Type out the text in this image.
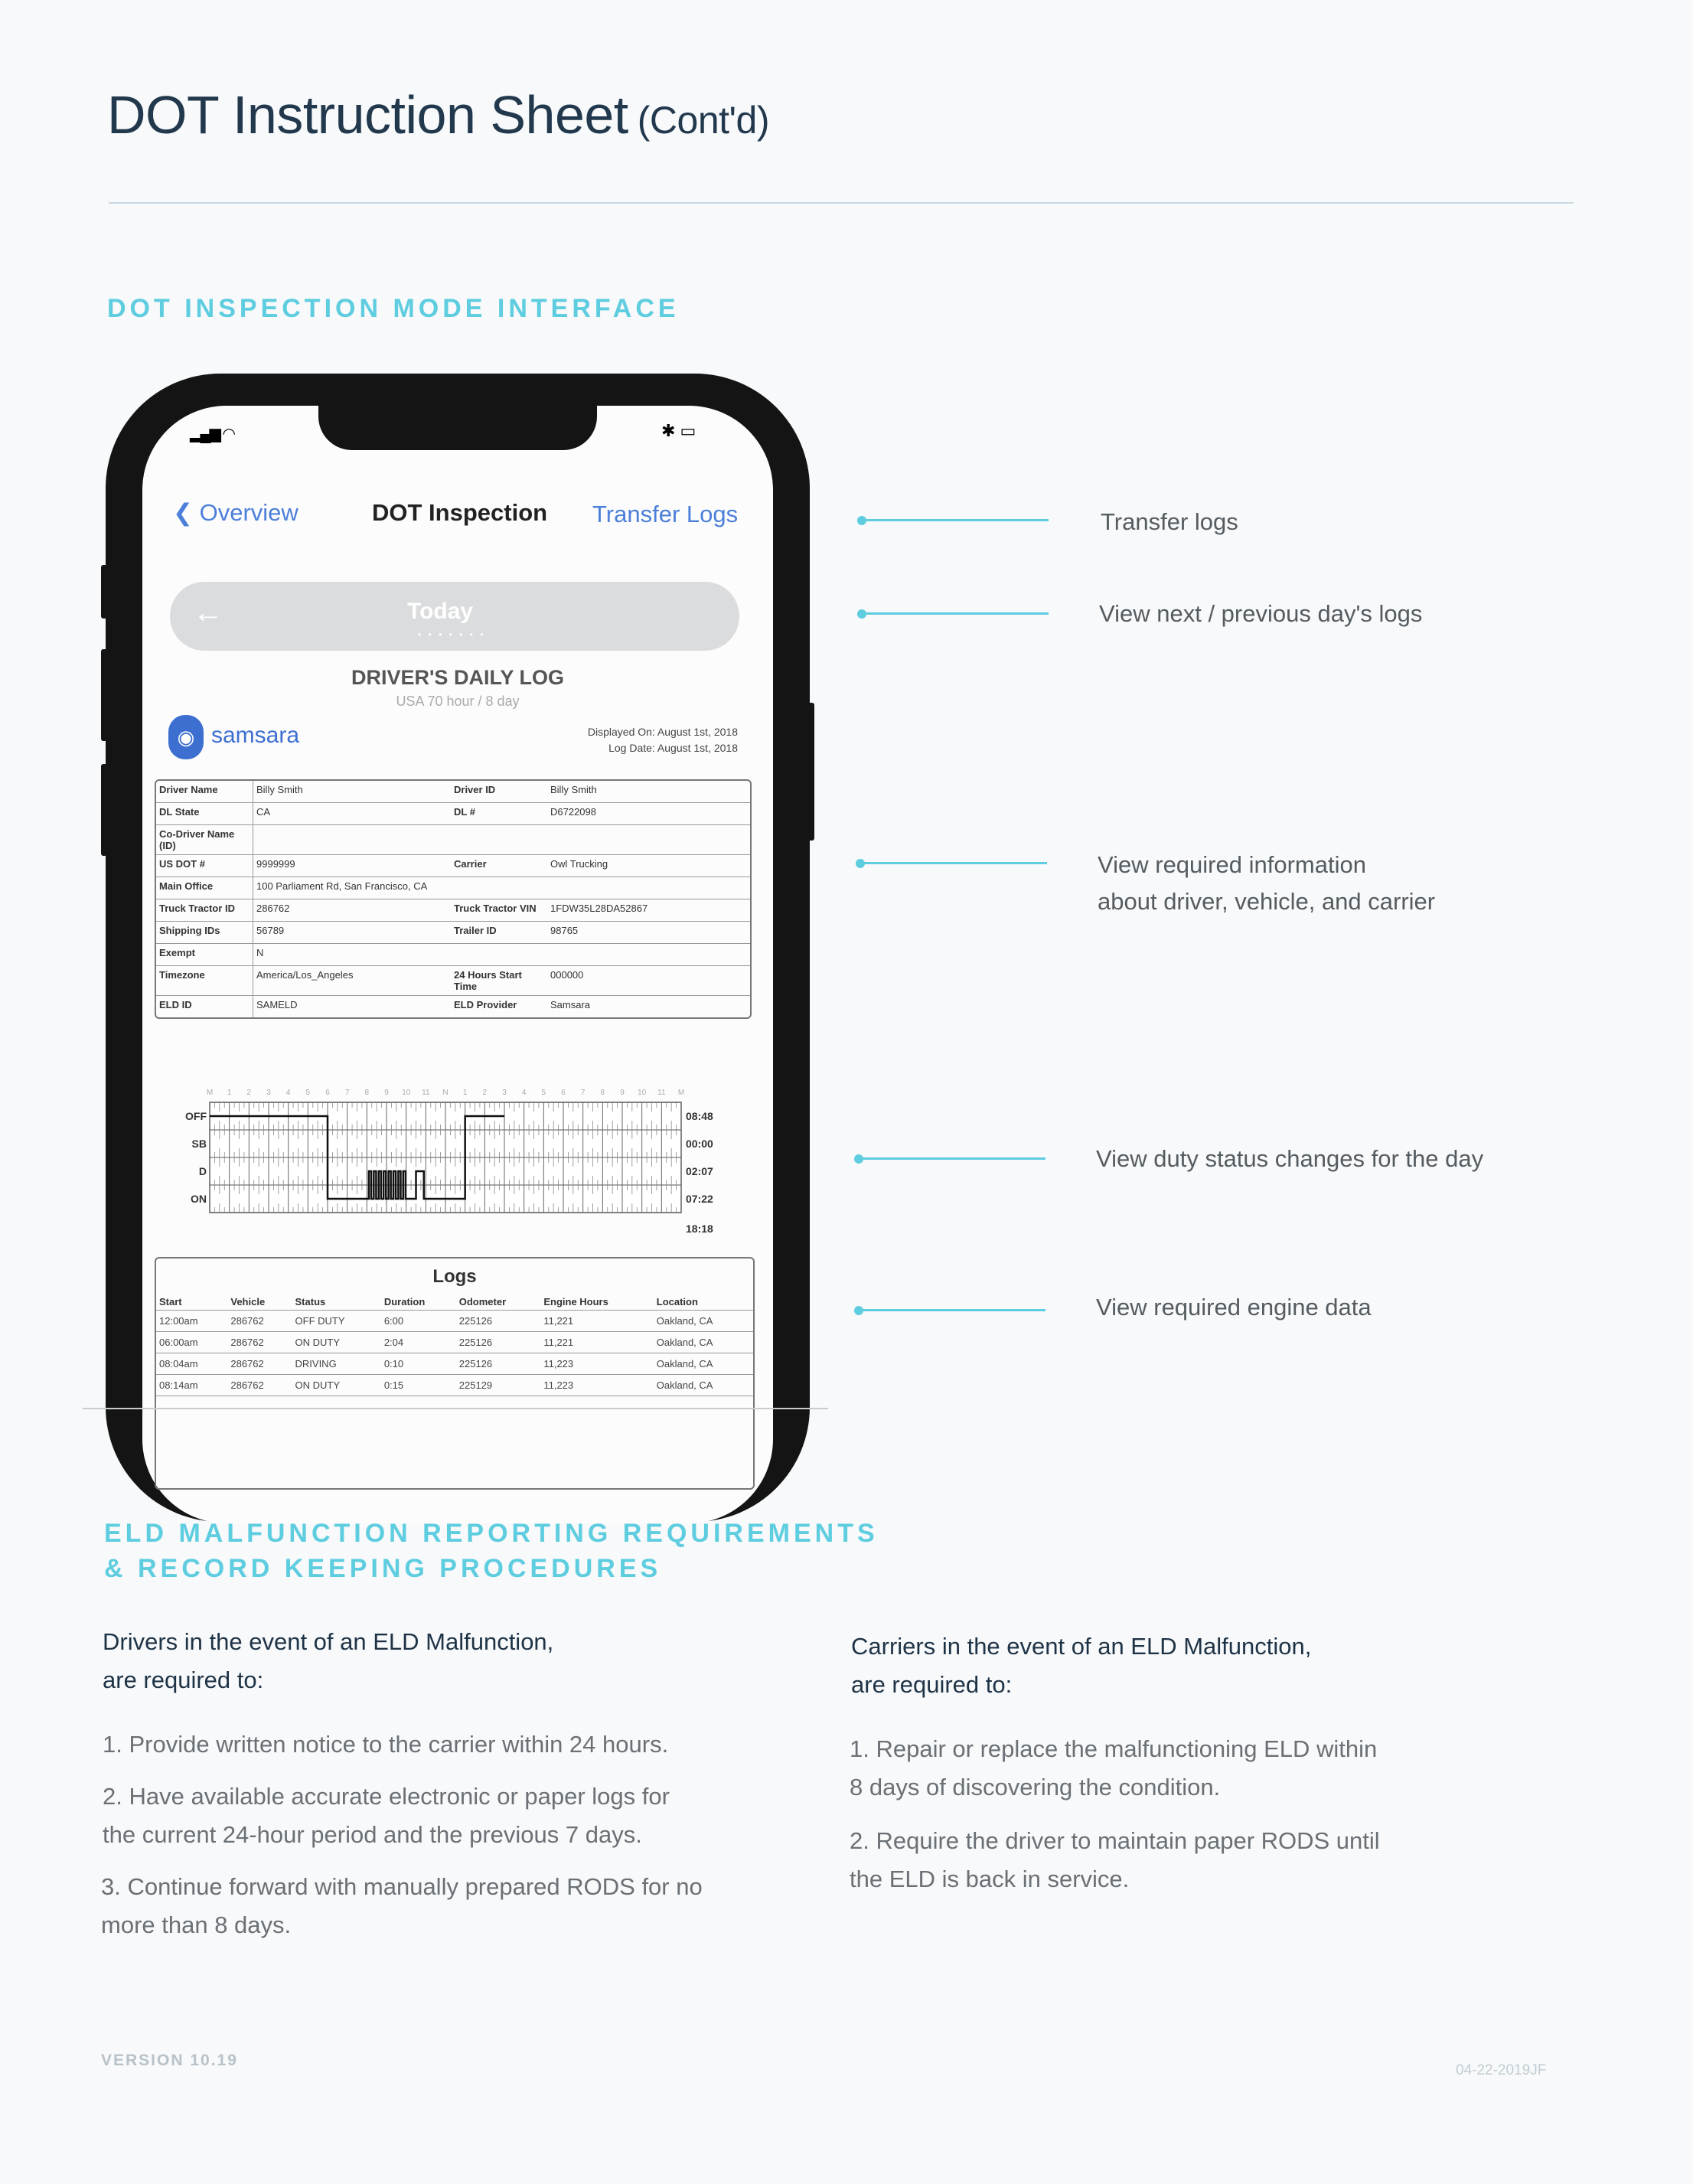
DOT Instruction Sheet (Cont'd)
DOT INSPECTION MODE INTERFACE
▂▄▆ ◠	✱ ▭
❮ Overview	DOT Inspection Transfer Logs
←	Today
• • • • • • •
DRIVER'S DAILY LOG
USA 70 hour / 8 day
◉ samsara	Displayed On: August 1st, 2018
Log Date: August 1st, 2018
Driver Name	Billy Smith	Driver ID	Billy Smith
DL State	CA	DL #	D6722098
Co-Driver Name (ID)			
US DOT #	9999999	Carrier	Owl Trucking
Main Office	100 Parliament Rd, San Francisco, CA		
Truck Tractor ID	286762	Truck Tractor VIN	1FDW35L28DA52867
Shipping IDs	56789	Trailer ID	98765
Exempt	N		
Timezone	America/Los_Angeles	24 Hours Start Time	000000
ELD ID	SAMELD	ELD Provider	Samsara
M 1 2 3 4 5 6 7 8 9 10 11 N 1 2 3 4 5 6 7 8 9 10 11 M
OFF	08:48
SB	00:00
D	02:07
ON	07:22
18:18
Logs
Start	Vehicle	Status	Duration	Odometer	Engine Hours	Location
12:00am	286762	OFF DUTY	6:00	225126	11,221	Oakland, CA
06:00am	286762	ON DUTY	2:04	225126	11,221	Oakland, CA
08:04am	286762	DRIVING	0:10	225126	11,223	Oakland, CA
08:14am	286762	ON DUTY	0:15	225129	11,223	Oakland, CA
Transfer logs
View next / previous day's logs
View required information
about driver, vehicle, and carrier
View duty status changes for the day
View required engine data
ELD MALFUNCTION REPORTING REQUIREMENTS
& RECORD KEEPING PROCEDURES
Drivers in the event of an ELD Malfunction,
are required to:
1. Provide written notice to the carrier within 24 hours.
2. Have available accurate electronic or paper logs for
the current 24-hour period and the previous 7 days.
3. Continue forward with manually prepared RODS for no
more than 8 days.
Carriers in the event of an ELD Malfunction,
are required to:
1. Repair or replace the malfunctioning ELD within
8 days of discovering the condition.
2. Require the driver to maintain paper RODS until
the ELD is back in service.
VERSION 10.19
04-22-2019JF
